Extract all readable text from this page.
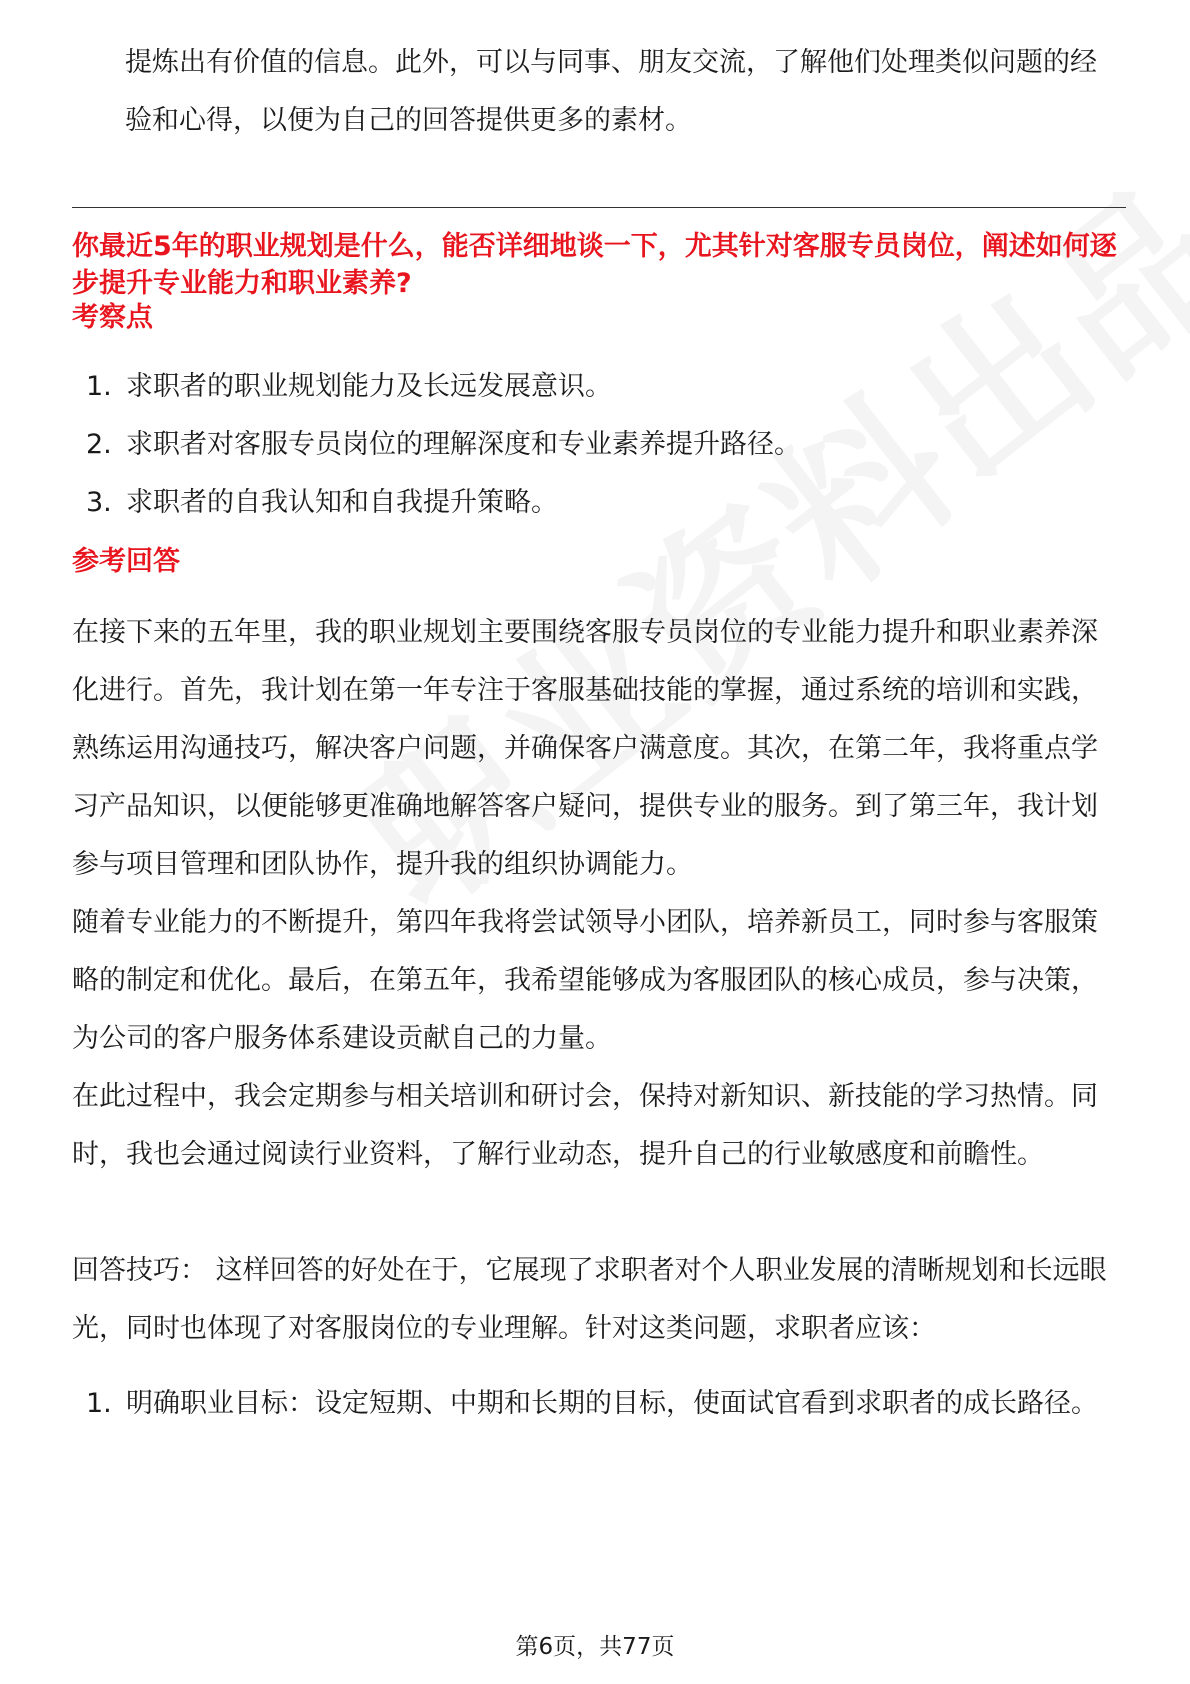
提炼出有价值的信息。此外，可以与同事、朋友交流，了解他们处理类似问题的经验和心得，以便为自己的回答提供更多的素材。

你最近5年的职业规划是什么，能否详细地谈一下，尤其针对客服专员岗位，阐述如何逐步提升专业能力和职业素养?

考察点

1. 求职者的职业规划能力及长远发展意识。
2. 求职者对客服专员岗位的理解深度和专业素养提升路径。
3. 求职者的自我认知和自我提升策略。

参考回答

在接下来的五年里，我的职业规划主要围绕客服专员岗位的专业能力提升和职业素养深化进行。首先，我计划在第一年专注于客服基础技能的掌握，通过系统的培训和实践，熟练运用沟通技巧，解决客户问题，并确保客户满意度。其次，在第二年，我将重点学习产品知识，以便能够更准确地解答客户疑问，提供专业的服务。到了第三年，我计划参与项目管理和团队协作，提升我的组织协调能力。

随着专业能力的不断提升，第四年我将尝试领导小团队，培养新员工，同时参与客服策略的制定和优化。最后，在第五年，我希望能够成为客服团队的核心成员，参与决策，为公司的客户服务体系建设贡献自己的力量。

在此过程中，我会定期参与相关培训和研讨会，保持对新知识、新技能的学习热情。同时，我也会通过阅读行业资料，了解行业动态，提升自己的行业敏感度和前瞻性。

回答技巧： 这样回答的好处在于，它展现了求职者对个人职业发展的清晰规划和长远眼光，同时也体现了对客服岗位的专业理解。针对这类问题，求职者应该：

1. 明确职业目标：设定短期、中期和长期的目标，使面试官看到求职者的成长路径。
第6页，共77页
